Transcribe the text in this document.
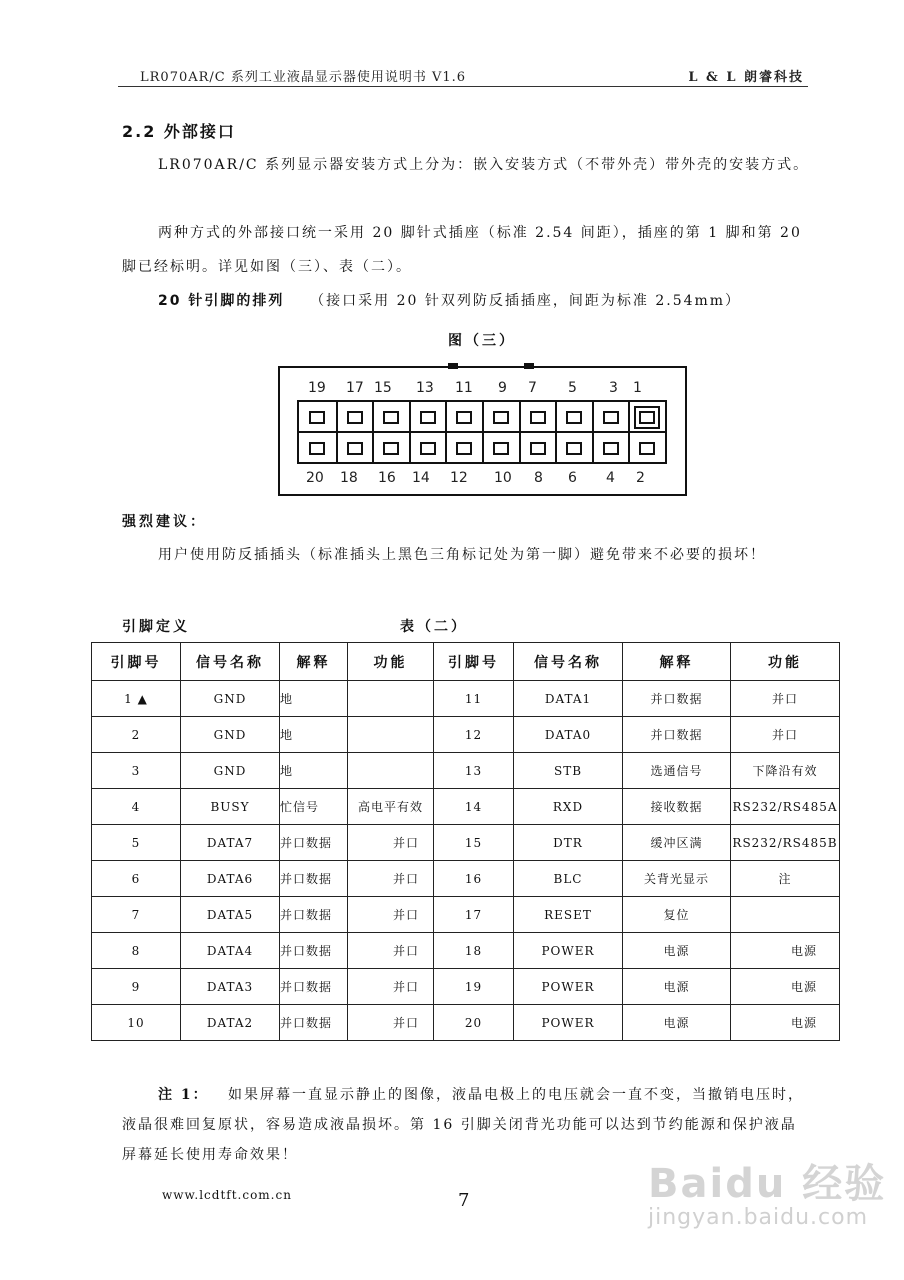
LR070AR/C 系列工业液晶显示器使用说明书 V1.6	L & L 朗睿科技
2.2 外部接口
LR070AR/C 系列显示器安装方式上分为：嵌入安装方式（不带外壳）带外壳的安装方式。
两种方式的外部接口统一采用 20 脚针式插座（标准 2.54 间距），插座的第 1 脚和第 20 脚已经标明。详见如图（三）、表（二）。
20 针引脚的排列 （接口采用 20 针双列防反插插座，间距为标准 2.54mm）
图（三）
19 17 15 13 11 9 7 5 3 1
20 18 16 14 12 10 8 6 4 2
强烈建议：
用户使用防反插插头（标准插头上黑色三角标记处为第一脚）避免带来不必要的损坏！
引脚定义	表（二）
引脚号	信号名称	解释	功能	引脚号	信号名称	解释	功能
1 ▲	GND	地		11	DATA1	并口数据	并口
2	GND	地		12	DATA0	并口数据	并口
3	GND	地		13	STB	选通信号	下降沿有效
4	BUSY	忙信号	高电平有效	14	RXD	接收数据	RS232/RS485A
5	DATA7	并口数据	并口	15	DTR	缓冲区满	RS232/RS485B
6	DATA6	并口数据	并口	16	BLC	关背光显示	注
7	DATA5	并口数据	并口	17	RESET	复位	
8	DATA4	并口数据	并口	18	POWER	电源	电源
9	DATA3	并口数据	并口	19	POWER	电源	电源
10	DATA2	并口数据	并口	20	POWER	电源	电源
注 1： 如果屏幕一直显示静止的图像，液晶电极上的电压就会一直不变，当撤销电压时，液晶很难回复原状，容易造成液晶损坏。第 16 引脚关闭背光功能可以达到节约能源和保护液晶屏幕延长使用寿命效果！
www.lcdtft.com.cn	7	Baidu 经验
jingyan.baidu.com
